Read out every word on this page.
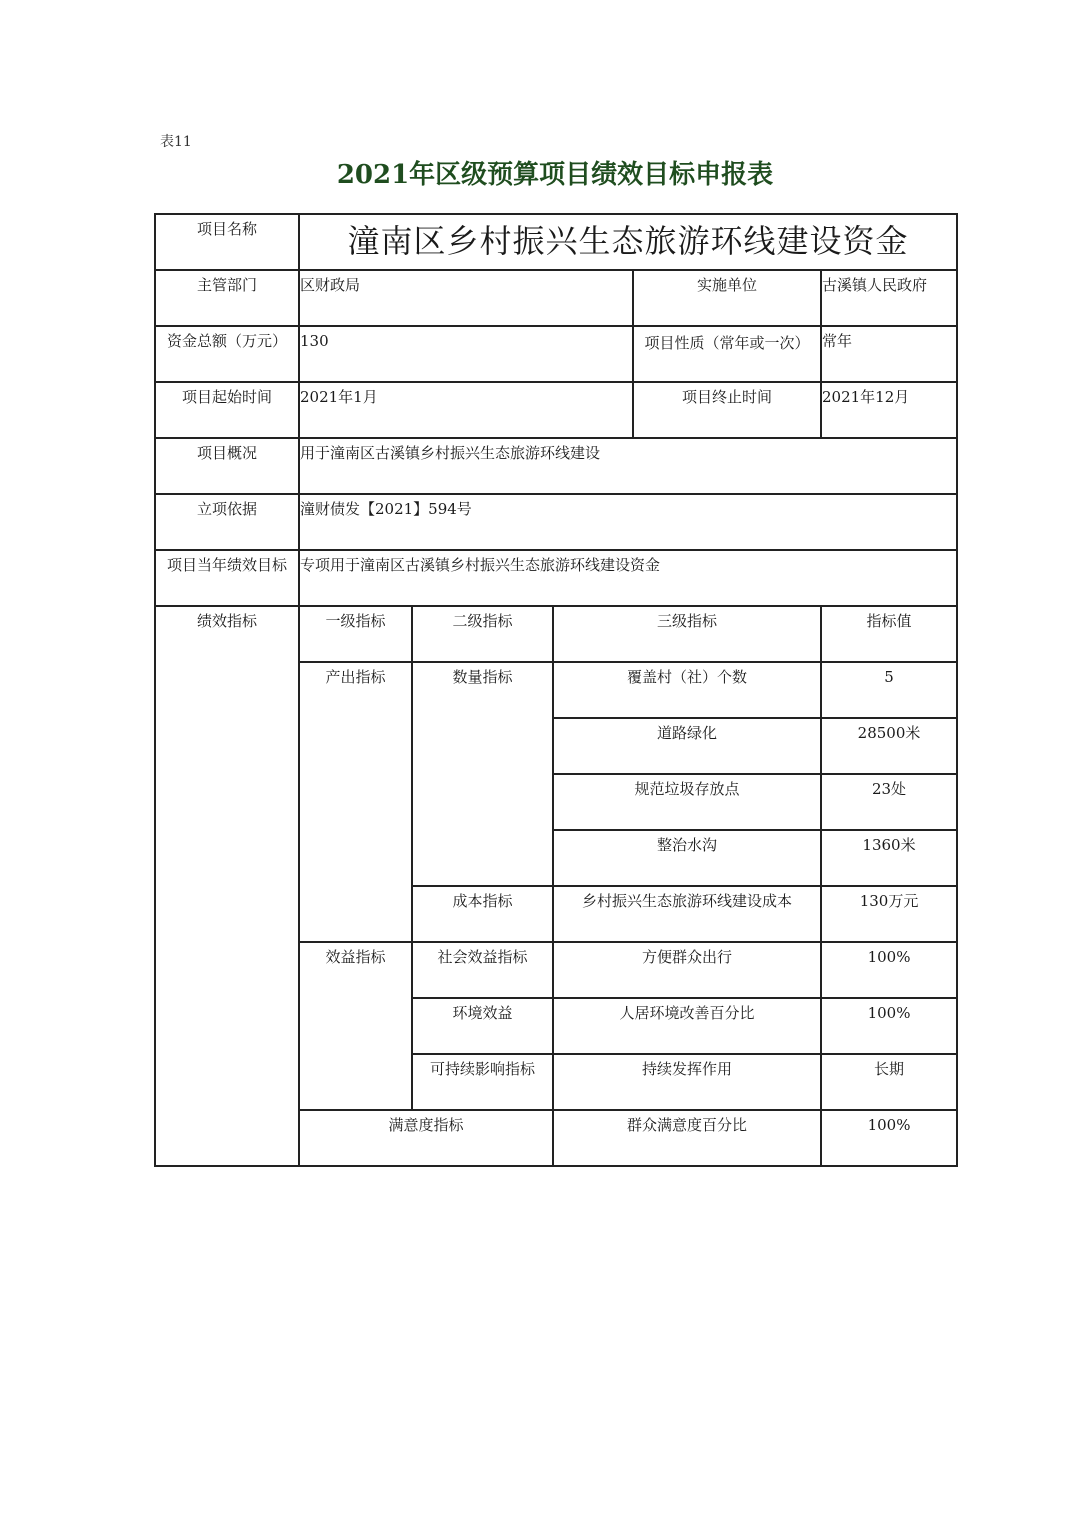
表11
2021年区级预算项目绩效目标申报表
项目名称	潼南区乡村振兴生态旅游环线建设资金				

主管部门	区财政局			实施单位	古溪镇人民政府
资金总额（万元）	130			项目性质（常年或一次）	常年
项目起始时间	2021年1月			项目终止时间	2021年12月
项目概况	用于潼南区古溪镇乡村振兴生态旅游环线建设				
立项依据	潼财债发【2021】594号				
项目当年绩效目标	专项用于潼南区古溪镇乡村振兴生态旅游环线建设资金				
绩效指标	一级指标	二级指标	三级指标		指标值
	产出指标	数量指标	覆盖村（社）个数		5
			道路绿化		28500米
			规范垃圾存放点		23处
			整治水沟		1360米
		成本指标	乡村振兴生态旅游环线建设成本		130万元
	效益指标	社会效益指标	方便群众出行		100%
		环境效益	人居环境改善百分比		100%
		可持续影响指标	持续发挥作用		长期
	满意度指标		群众满意度百分比		100%
